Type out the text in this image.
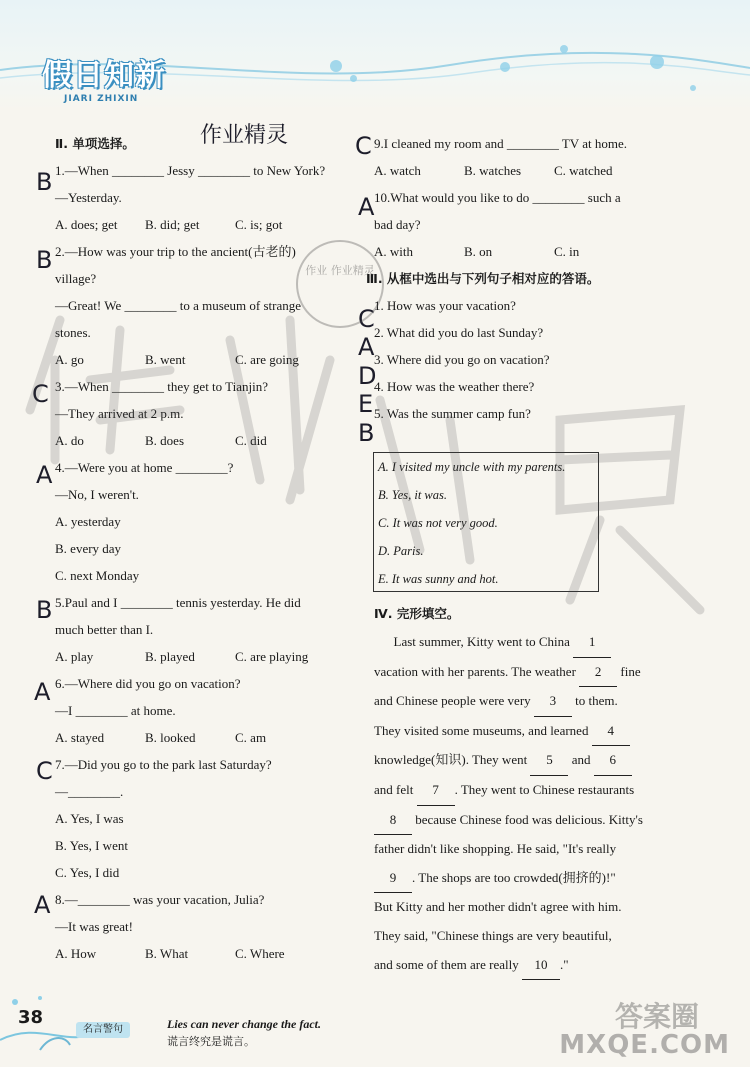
假日知新
JIARI ZHIXIN
Ⅱ. 单项选择。
1.—When ________ Jessy ________ to New York?
—Yesterday.
A. does; get	B. did; get	C. is; got
2.—How was your trip to the ancient(古老的)
village?
—Great! We ________ to a museum of strange
stones.
A. go	B. went	C. are going
3.—When ________ they get to Tianjin?
—They arrived at 2 p.m.
A. do	B. does	C. did
4.—Were you at home ________?
—No, I weren't.
A. yesterday
B. every day
C. next Monday
5.Paul and I ________ tennis yesterday. He did
much better than I.
A. play	B. played	C. are playing
6.—Where did you go on vacation?
—I ________ at home.
A. stayed	B. looked	C. am
7.—Did you go to the park last Saturday?
—________.
A. Yes, I was
B. Yes, I went
C. Yes, I did
8.—________ was your vacation, Julia?
—It was great!
A. How	B. What	C. Where
9.I cleaned my room and ________ TV at home.
A. watch	B. watches	C. watched
10.What would you like to do ________ such a
bad day?
A. with	B. on	C. in
Ⅲ. 从框中选出与下列句子相对应的答语。
1. How was your vacation?
2. What did you do last Sunday?
3. Where did you go on vacation?
4. How was the weather there?
5. Was the summer camp fun?
A. I visited my uncle with my parents.
B. Yes, it was.
C. It was not very good.
D. Paris.
E. It was sunny and hot.
Ⅳ. 完形填空。
Last summer, Kitty went to China 1
vacation with her parents. The weather 2 fine
and Chinese people were very 3 to them.
They visited some museums, and learned 4
knowledge(知识). They went 5 and 6
and felt 7 . They went to Chinese restaurants
8 because Chinese food was delicious. Kitty's
father didn't like shopping. He said, "It's really
9 . The shops are too crowded(拥挤的)!"
But Kitty and her mother didn't agree with him.
They said, "Chinese things are very beautiful,
and some of them are really 10 ."
作业精灵
B
B
C
A
B
A
C
A
C
A
C
A
D
E
B
作业 作业精灵
38
名言警句	Lies can never change the fact.
谎言终究是谎言。
答案圈
MXQE.COM
